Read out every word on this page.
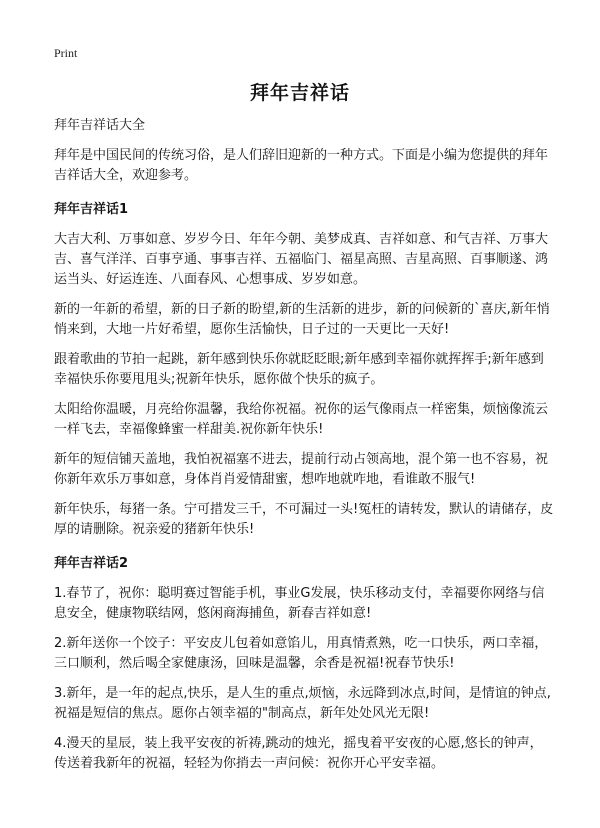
Print
拜年吉祥话

拜年吉祥话大全

拜年是中国民间的传统习俗，是人们辞旧迎新的一种方式。下面是小编为您提供的拜年吉祥话大全，欢迎参考。

拜年吉祥话1

大吉大利、万事如意、岁岁今日、年年今朝、美梦成真、吉祥如意、和气吉祥、万事大吉、喜气洋洋、百事亨通、事事吉祥、五福临门、福星高照、吉星高照、百事顺遂、鸿运当头、好运连连、八面春风、心想事成、岁岁如意。

新的一年新的希望，新的日子新的盼望,新的生活新的进步，新的问候新的`喜庆,新年悄悄来到，大地一片好希望，愿你生活愉快，日子过的一天更比一天好!

跟着歌曲的节拍一起跳，新年感到快乐你就眨眨眼;新年感到幸福你就挥挥手;新年感到幸福快乐你要甩甩头;祝新年快乐，愿你做个快乐的疯子。

太阳给你温暖，月亮给你温馨，我给你祝福。祝你的运气像雨点一样密集，烦恼像流云一样飞去，幸福像蜂蜜一样甜美.祝你新年快乐!

新年的短信铺天盖地，我怕祝福塞不进去，提前行动占领高地，混个第一也不容易，祝你新年欢乐万事如意，身体肖肖爱情甜蜜，想咋地就咋地，看谁敢不服气!

新年快乐，每猪一条。宁可措发三千，不可漏过一头!冤枉的请转发，默认的请储存，皮厚的请删除。祝亲爱的猪新年快乐!

拜年吉祥话2

1.春节了，祝你：聪明赛过智能手机，事业G发展，快乐移动支付，幸福要你网络与信息安全，健康物联结网，悠闲商海捕鱼，新春吉祥如意!

2.新年送你一个饺子：平安皮儿包着如意馅儿，用真情煮熟，吃一口快乐，两口幸福，三口顺利，然后喝全家健康汤，回味是温馨，余香是祝福!祝春节快乐!

3.新年，是一年的起点,快乐，是人生的重点,烦恼，永远降到冰点,时间，是情谊的钟点,祝福是短信的焦点。愿你占领幸福的"制高点，新年处处风光无限!

4.漫天的星辰，装上我平安夜的祈祷,跳动的烛光，摇曳着平安夜的心愿,悠长的钟声，传送着我新年的祝福，轻轻为你捎去一声问候：祝你开心平安幸福。
